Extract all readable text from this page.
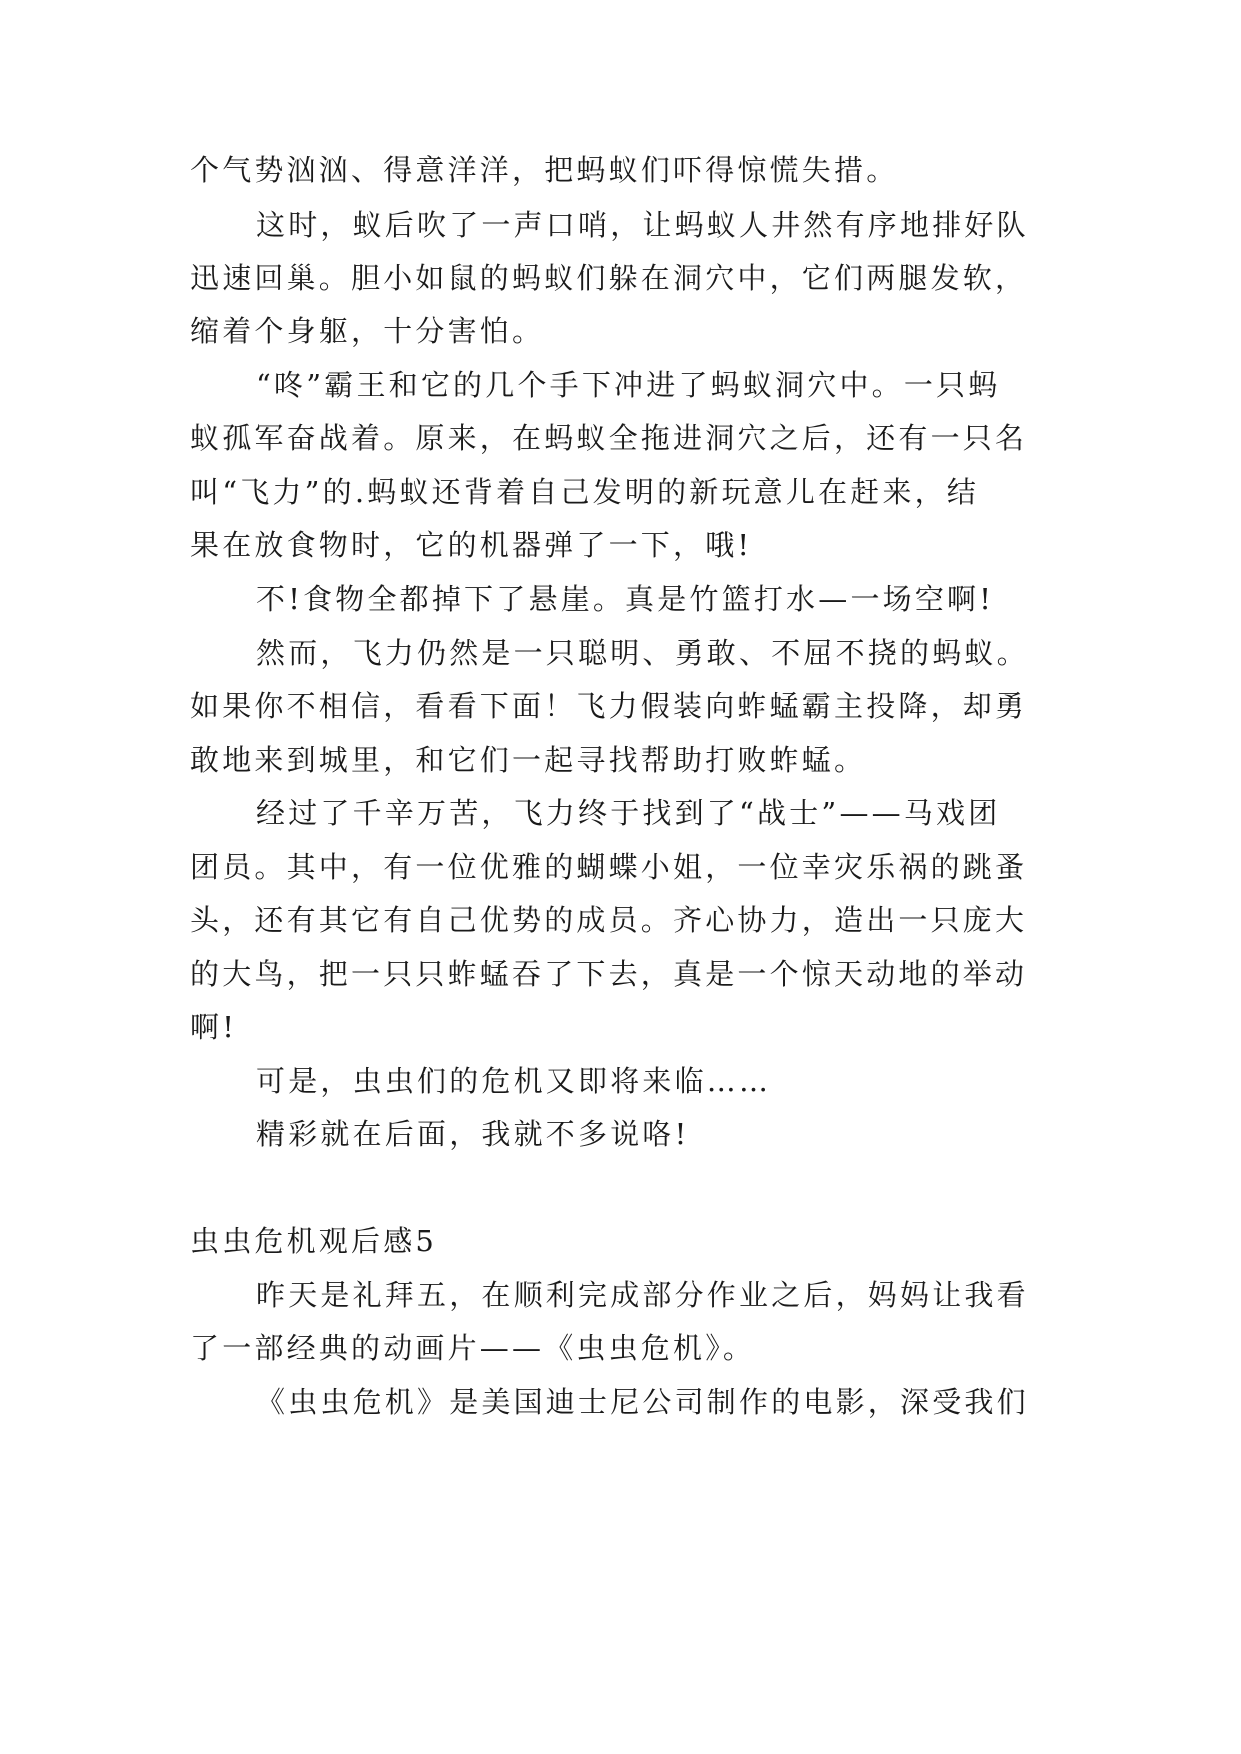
个气势汹汹、得意洋洋，把蚂蚁们吓得惊慌失措。
这时，蚁后吹了一声口哨，让蚂蚁人井然有序地排好队
迅速回巢。胆小如鼠的蚂蚁们躲在洞穴中，它们两腿发软，
缩着个身躯，十分害怕。
“咚”霸王和它的几个手下冲进了蚂蚁洞穴中。一只蚂
蚁孤军奋战着。原来，在蚂蚁全拖进洞穴之后，还有一只名
叫“飞力”的.蚂蚁还背着自己发明的新玩意儿在赶来，结
果在放食物时，它的机器弹了一下，哦!
不!食物全都掉下了悬崖。真是竹篮打水—一场空啊!
然而，飞力仍然是一只聪明、勇敢、不屈不挠的蚂蚁。
如果你不相信，看看下面！飞力假装向蚱蜢霸主投降，却勇
敢地来到城里，和它们一起寻找帮助打败蚱蜢。
经过了千辛万苦，飞力终于找到了“战士”——马戏团
团员。其中，有一位优雅的蝴蝶小姐，一位幸灾乐祸的跳蚤
头，还有其它有自己优势的成员。齐心协力，造出一只庞大
的大鸟，把一只只蚱蜢吞了下去，真是一个惊天动地的举动
啊!
可是，虫虫们的危机又即将来临……
精彩就在后面，我就不多说咯!
虫虫危机观后感5
昨天是礼拜五，在顺利完成部分作业之后，妈妈让我看
了一部经典的动画片——《虫虫危机》。
《虫虫危机》是美国迪士尼公司制作的电影，深受我们
